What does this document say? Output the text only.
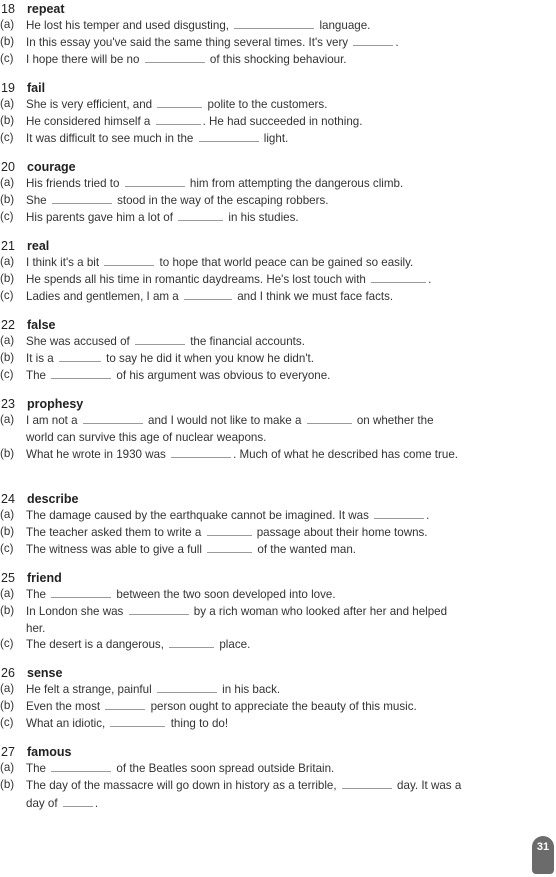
18 repeat
(a) He lost his temper and used disgusting,	language.
(b) In this essay you've said the same thing several times. It's very	.
(c) I hope there will be no	of this shocking behaviour.
19 fail
(a) She is very efficient, and	polite to the customers.
(b) He considered himself a	. He had succeeded in nothing.
(c) It was difficult to see much in the	light.
20 courage
(a) His friends tried to	him from attempting the dangerous climb.
(b) She	stood in the way of the escaping robbers.
(c) His parents gave him a lot of	in his studies.
21 real
(a) I think it's a bit	to hope that world peace can be gained so easily.
(b) He spends all his time in romantic daydreams. He's lost touch with	.
(c) Ladies and gentlemen, I am a	and I think we must face facts.
22 false
(a) She was accused of	the financial accounts.
(b) It is a	to say he did it when you know he didn't.
(c) The	of his argument was obvious to everyone.
23 prophesy
(a) I am not a	and I would not like to make a	on whether the world can survive this age of nuclear weapons.
(b) What he wrote in 1930 was	. Much of what he described has come true.
24 describe
(a) The damage caused by the earthquake cannot be imagined. It was	.
(b) The teacher asked them to write a	passage about their home towns.
(c) The witness was able to give a full	of the wanted man.
25 friend
(a) The	between the two soon developed into love.
(b) In London she was	by a rich woman who looked after her and helped her.
(c) The desert is a dangerous,	place.
26 sense
(a) He felt a strange, painful	in his back.
(b) Even the most	person ought to appreciate the beauty of this music.
(c) What an idiotic,	thing to do!
27 famous
(a) The	of the Beatles soon spread outside Britain.
(b) The day of the massacre will go down in history as a terrible,	day. It was a day of	.
31
